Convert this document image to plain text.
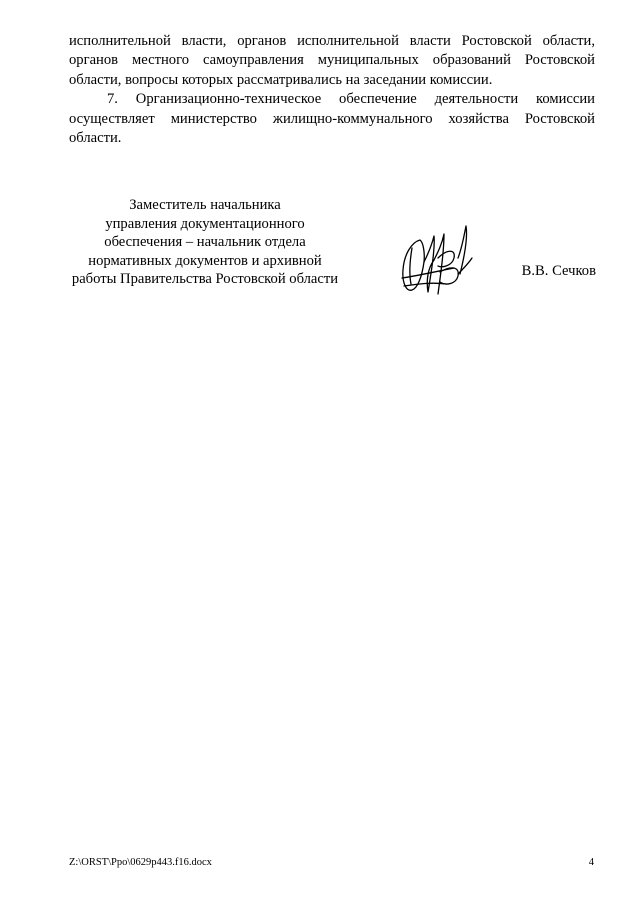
исполнительной власти, органов исполнительной власти Ростовской области, органов местного самоуправления муниципальных образований Ростовской области, вопросы которых рассматривались на заседании комиссии.

7. Организационно-техническое обеспечение деятельности комиссии осуществляет министерство жилищно-коммунального хозяйства Ростовской области.

Заместитель начальника
управления документационного
обеспечения – начальник отдела
нормативных документов и архивной
работы Правительства Ростовской области
В.В. Сечков
Z:\ORST\Ppo\0629p443.f16.docx	4
